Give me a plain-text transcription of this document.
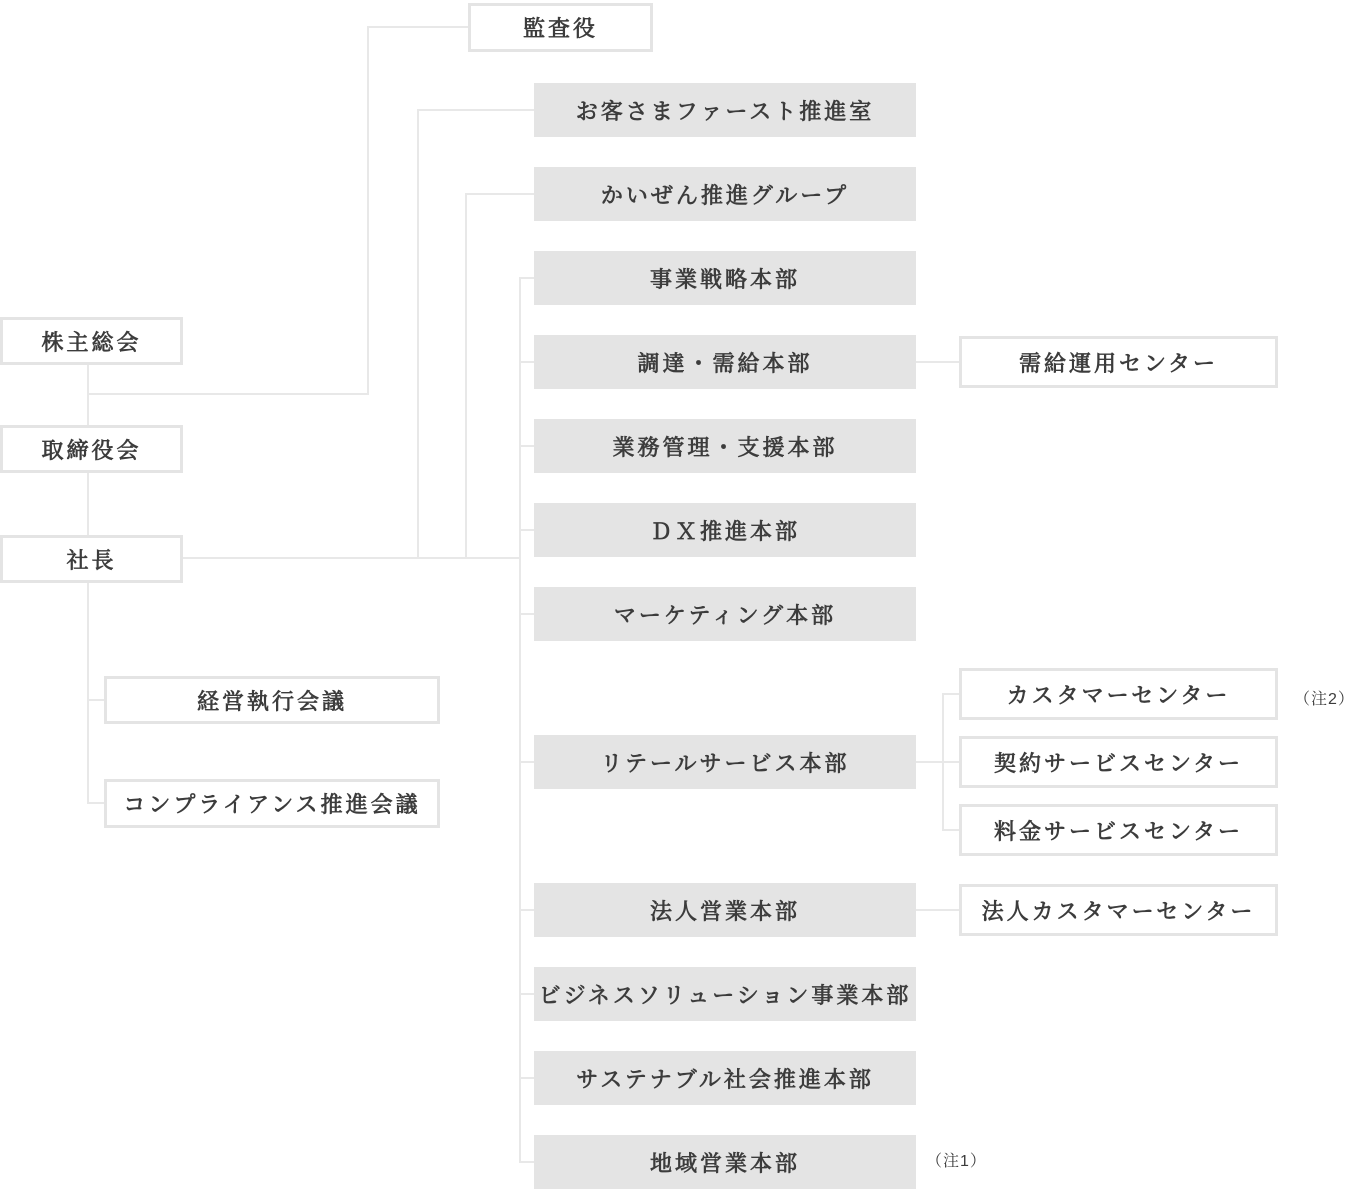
株主総会
取締役会
社長
監査役
経営執行会議
コンプライアンス推進会議
お客さまファースト推進室
かいぜん推進グループ
事業戦略本部
調達・需給本部
業務管理・支援本部
ＤＸ推進本部
マーケティング本部
リテールサービス本部
法人営業本部
ビジネスソリューション事業本部
サステナブル社会推進本部
地域営業本部
需給運用センター
カスタマーセンター
契約サービスセンター
料金サービスセンター
法人カスタマーセンター
（注2）
（注1）
